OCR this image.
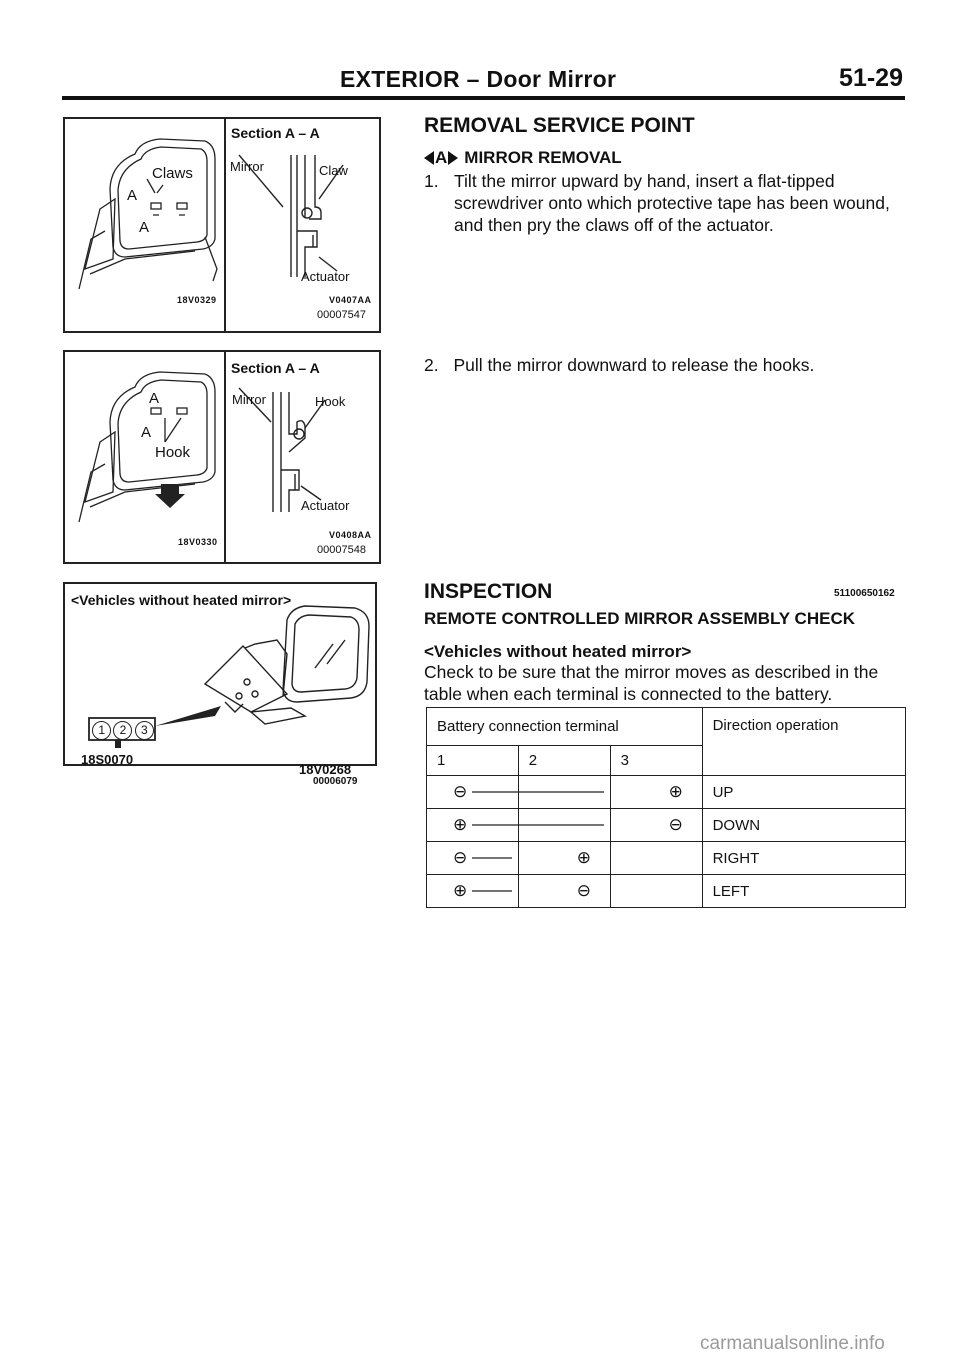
EXTERIOR – Door Mirror	51-29
Claws
A
A
18V0329
Section A – A
Mirror	Claw
Actuator
V0407AA
00007547
A
A
Hook
18V0330
Section A – A
Mirror	Hook
Actuator
V0408AA
00007548
<Vehicles without heated mirror>
1	2	3
18S0070
18V0268
00006079
REMOVAL SERVICE POINT
A MIRROR REMOVAL
1. Tilt the mirror upward by hand, insert a flat-tipped
screwdriver onto which protective tape has been wound,
and then pry the claws off of the actuator.
2. Pull the mirror downward to release the hooks.
INSPECTION	51100650162
REMOTE CONTROLLED MIRROR ASSEMBLY CHECK
<Vehicles without heated mirror>
Check to be sure that the mirror moves as described in the
table when each terminal is connected to the battery.
Battery connection terminal			Direction operation
1	2	3	
⊖		⊕	UP
⊕		⊖	DOWN
⊖	⊕		RIGHT
⊕	⊖		LEFT
carmanualsonline.info
